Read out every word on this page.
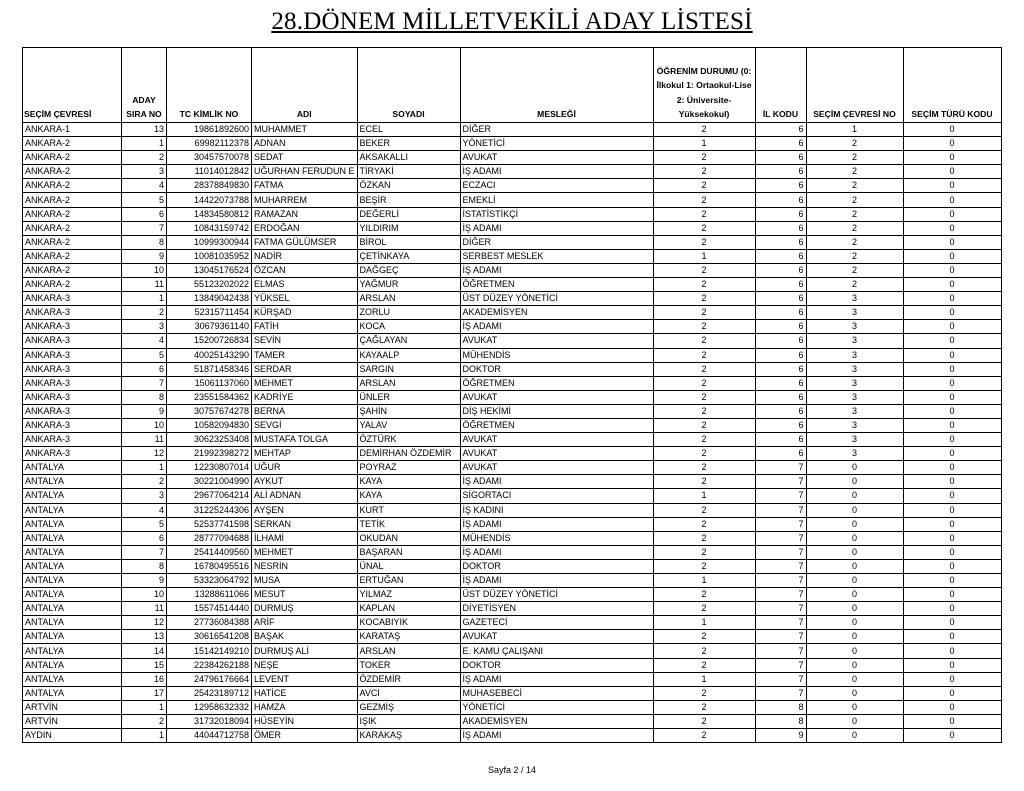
28.DÖNEM MİLLETVEKİLİ ADAY LİSTESİ
SEÇİM ÇEVRESİ	ADAY SIRA NO	TC KİMLİK NO	ADI	SOYADI	MESLEĞİ	ÖĞRENİM DURUMU (0: İlkokul 1: Ortaokul-Lise 2: Üniversite-Yüksekokul)	İL KODU	SEÇİM ÇEVRESİ NO	SEÇİM TÜRÜ KODU
ANKARA-1	13	19861892600	MUHAMMET	ECEL	DİĞER	2	6	1	0
ANKARA-2	1	69982112378	ADNAN	BEKER	YÖNETİCİ	1	6	2	0
ANKARA-2	2	30457570078	SEDAT	AKSAKALLI	AVUKAT	2	6	2	0
ANKARA-2	3	11014012842	UĞURHAN FERUDUN E	TİRYAKİ	İŞ ADAMI	2	6	2	0
ANKARA-2	4	28378849830	FATMA	ÖZKAN	ECZACI	2	6	2	0
ANKARA-2	5	14422073788	MUHARREM	BEŞİR	EMEKLİ	2	6	2	0
ANKARA-2	6	14834580812	RAMAZAN	DEĞERLİ	İSTATİSTİKÇİ	2	6	2	0
ANKARA-2	7	10843159742	ERDOĞAN	YILDIRIM	İŞ ADAMI	2	6	2	0
ANKARA-2	8	10999300944	FATMA GÜLÜMSER	BİROL	DİĞER	2	6	2	0
ANKARA-2	9	10081035952	NADİR	ÇETİNKAYA	SERBEST MESLEK	1	6	2	0
ANKARA-2	10	13045176524	ÖZCAN	DAĞGEÇ	İŞ ADAMI	2	6	2	0
ANKARA-2	11	55123202022	ELMAS	YAĞMUR	ÖĞRETMEN	2	6	2	0
ANKARA-3	1	13849042438	YÜKSEL	ARSLAN	ÜST DÜZEY YÖNETİCİ	2	6	3	0
ANKARA-3	2	52315711454	KÜRŞAD	ZORLU	AKADEMİSYEN	2	6	3	0
ANKARA-3	3	30679361140	FATİH	KOCA	İŞ ADAMI	2	6	3	0
ANKARA-3	4	15200726834	SEVİN	ÇAĞLAYAN	AVUKAT	2	6	3	0
ANKARA-3	5	40025143290	TAMER	KAYAALP	MÜHENDİS	2	6	3	0
ANKARA-3	6	51871458346	SERDAR	SARGIN	DOKTOR	2	6	3	0
ANKARA-3	7	15061137060	MEHMET	ARSLAN	ÖĞRETMEN	2	6	3	0
ANKARA-3	8	23551584362	KADRİYE	ÜNLER	AVUKAT	2	6	3	0
ANKARA-3	9	30757674278	BERNA	ŞAHİN	DİŞ HEKİMİ	2	6	3	0
ANKARA-3	10	10582094830	SEVGİ	YALAV	ÖĞRETMEN	2	6	3	0
ANKARA-3	11	30623253408	MUSTAFA TOLGA	ÖZTÜRK	AVUKAT	2	6	3	0
ANKARA-3	12	21992398272	MEHTAP	DEMİRHAN ÖZDEMİR	AVUKAT	2	6	3	0
ANTALYA	1	12230807014	UĞUR	POYRAZ	AVUKAT	2	7	0	0
ANTALYA	2	30221004990	AYKUT	KAYA	İŞ ADAMI	2	7	0	0
ANTALYA	3	29677064214	ALİ ADNAN	KAYA	SİGORTACI	1	7	0	0
ANTALYA	4	31225244306	AYŞEN	KURT	İŞ KADINI	2	7	0	0
ANTALYA	5	52537741598	SERKAN	TETİK	İŞ ADAMI	2	7	0	0
ANTALYA	6	28777094688	İLHAMİ	OKUDAN	MÜHENDİS	2	7	0	0
ANTALYA	7	25414409560	MEHMET	BAŞARAN	İŞ ADAMI	2	7	0	0
ANTALYA	8	16780495516	NESRİN	ÜNAL	DOKTOR	2	7	0	0
ANTALYA	9	53323064792	MUSA	ERTUĞAN	İŞ ADAMI	1	7	0	0
ANTALYA	10	13288611066	MESUT	YILMAZ	ÜST DÜZEY YÖNETİCİ	2	7	0	0
ANTALYA	11	15574514440	DURMUŞ	KAPLAN	DİYETİSYEN	2	7	0	0
ANTALYA	12	27736084388	ARİF	KOCABIYIK	GAZETECİ	1	7	0	0
ANTALYA	13	30616541208	BAŞAK	KARATAŞ	AVUKAT	2	7	0	0
ANTALYA	14	15142149210	DURMUŞ ALİ	ARSLAN	E. KAMU ÇALIŞANI	2	7	0	0
ANTALYA	15	22384262188	NEŞE	TOKER	DOKTOR	2	7	0	0
ANTALYA	16	24796176664	LEVENT	ÖZDEMİR	İŞ ADAMI	1	7	0	0
ANTALYA	17	25423189712	HATİCE	AVCI	MUHASEBECİ	2	7	0	0
ARTVİN	1	12958632332	HAMZA	GEZMİŞ	YÖNETİCİ	2	8	0	0
ARTVİN	2	31732018094	HÜSEYİN	IŞIK	AKADEMİSYEN	2	8	0	0
AYDIN	1	44044712758	ÖMER	KARAKAŞ	İŞ ADAMI	2	9	0	0
Sayfa 2 / 14
